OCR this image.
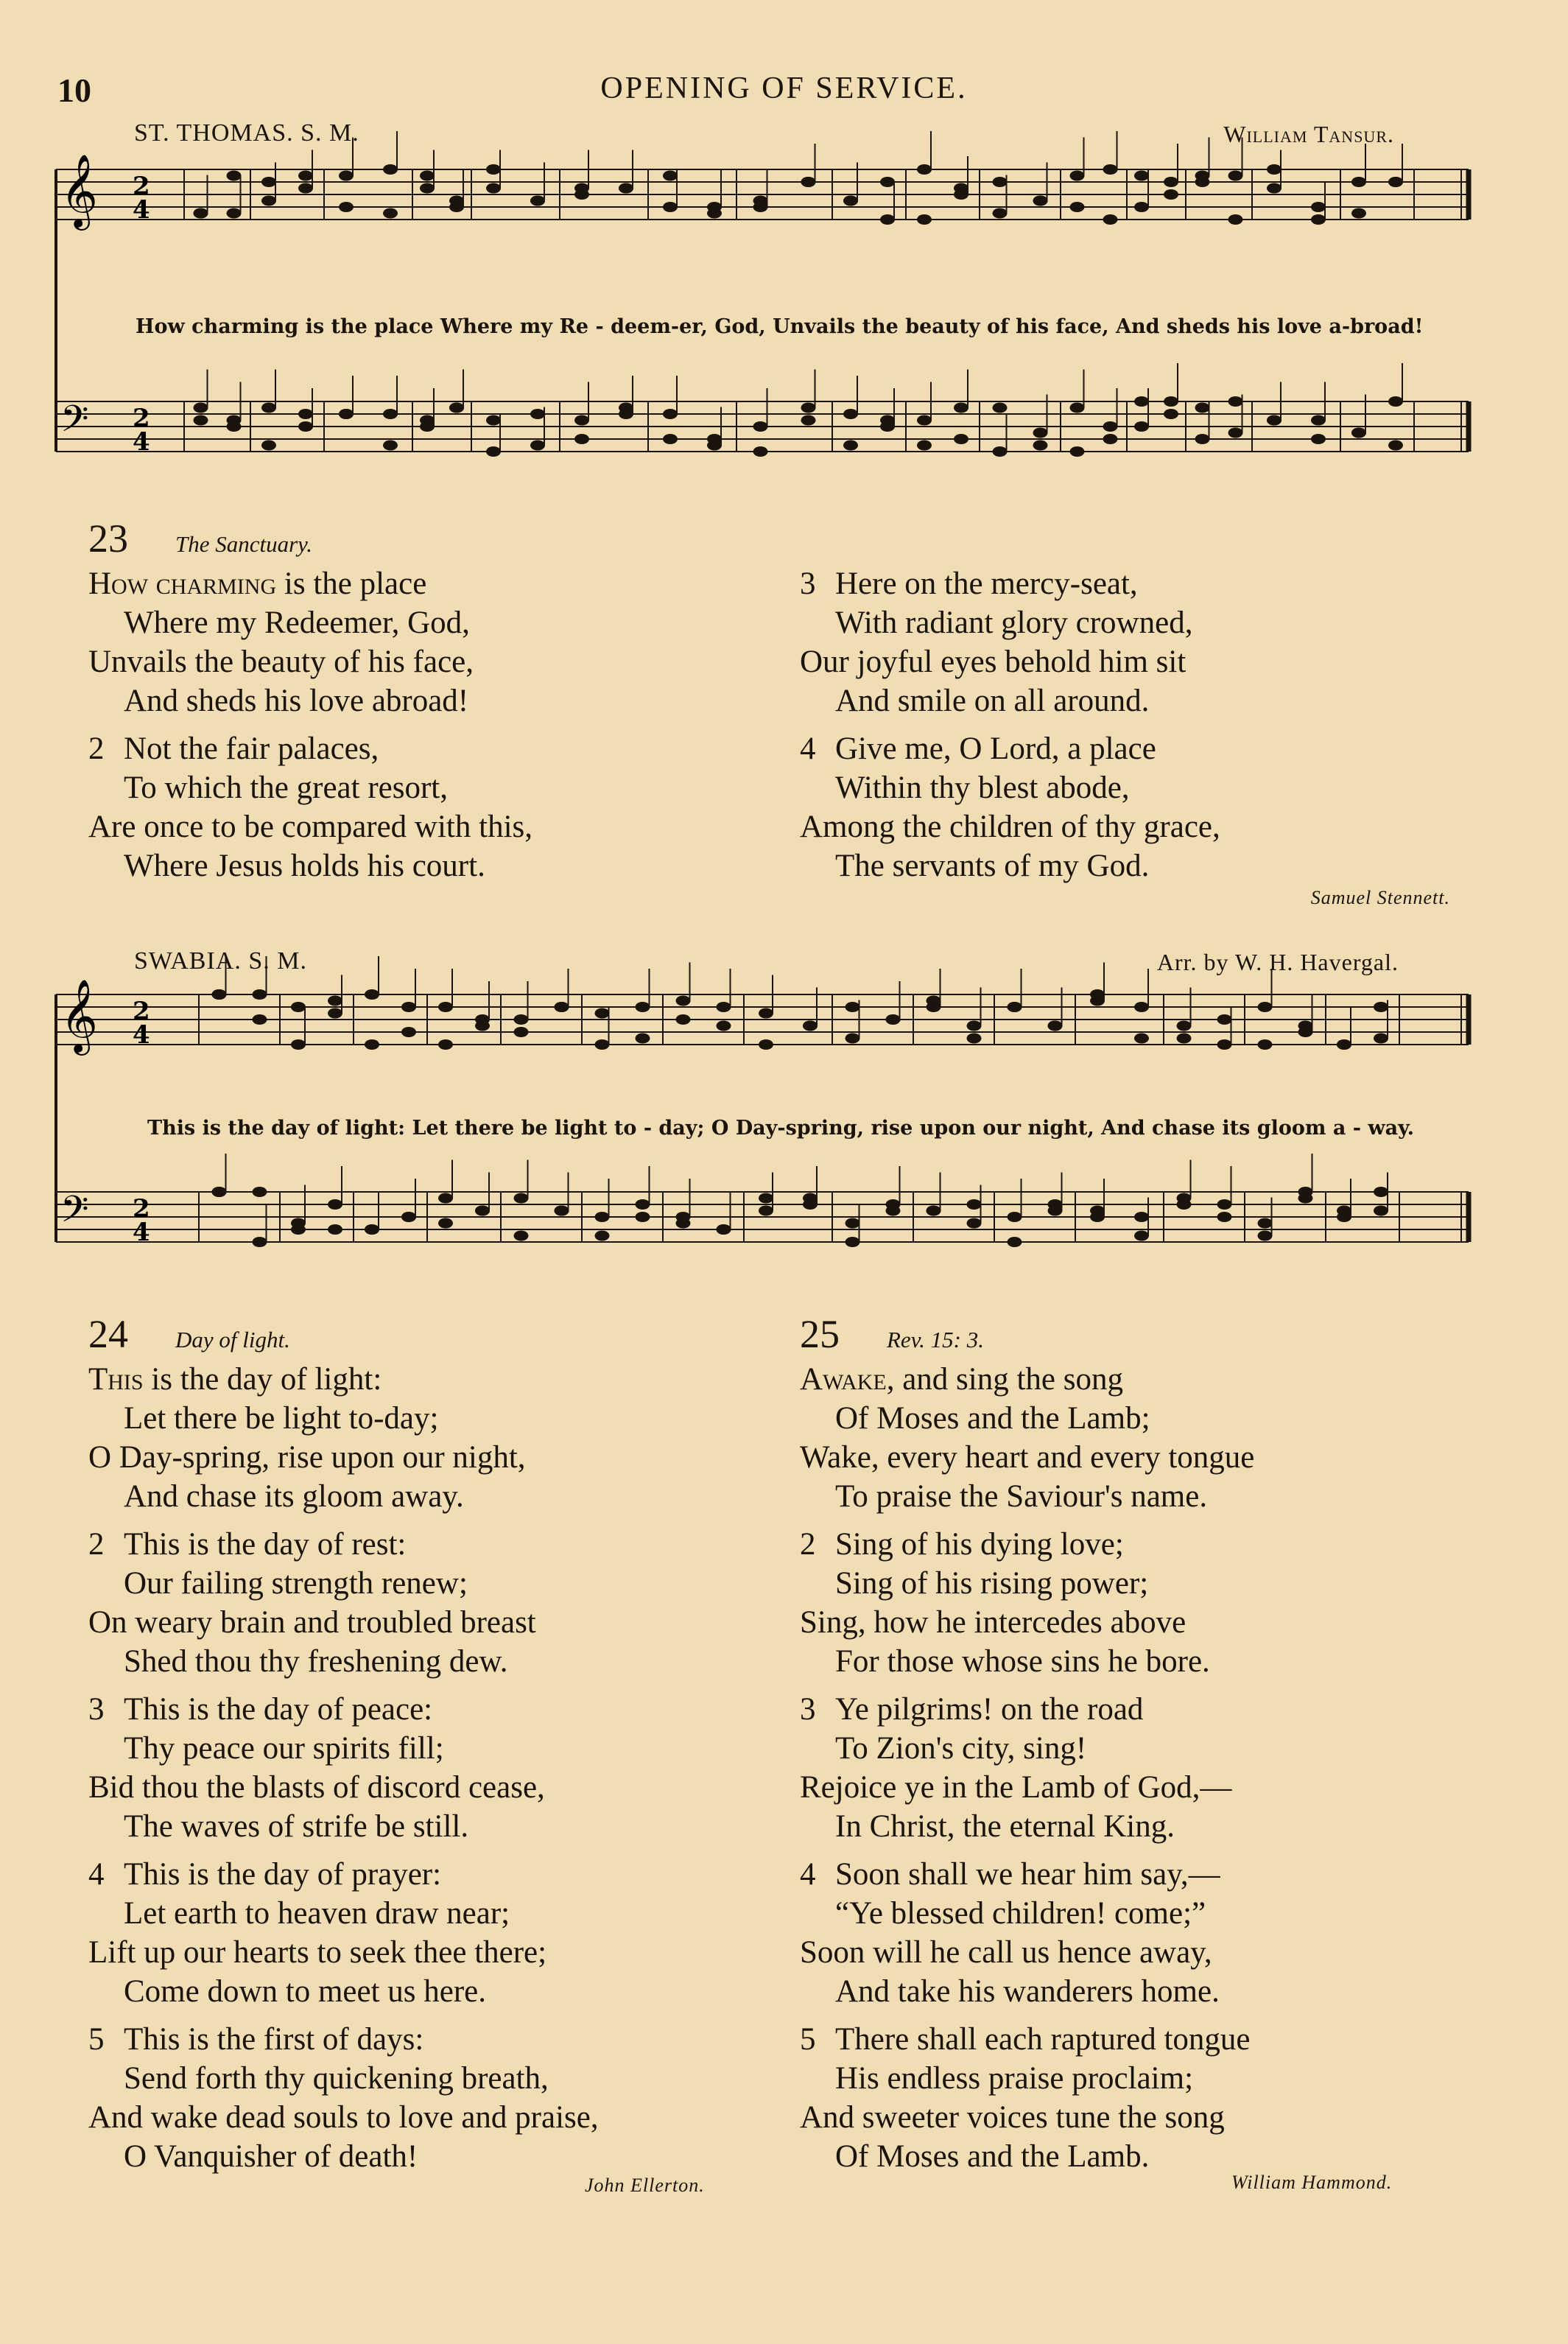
10	OPENING OF SERVICE.
ST. THOMAS. S. M.	William Tansur.
𝄞
𝄢
2
4
2
4
How charming is the place Where my Re - deem-er, God, Unvails the beauty of his face, And sheds his love a-broad!
23 The Sanctuary.
How charming is the place
Where my Redeemer, God,
Unvails the beauty of his face,
And sheds his love abroad!
2 Not the fair palaces,
To which the great resort,
Are once to be compared with this,
Where Jesus holds his court.
3 Here on the mercy-seat,
With radiant glory crowned,
Our joyful eyes behold him sit
And smile on all around.
4 Give me, O Lord, a place
Within thy blest abode,
Among the children of thy grace,
The servants of my God.
Samuel Stennett.
SWABIA. S. M.	Arr. by W. H. Havergal.
𝄞
𝄢
2
4
2
4
This is the day of light: Let there be light to - day; O Day-spring, rise upon our night, And chase its gloom a - way.
24 Day of light.
This is the day of light:
Let there be light to-day;
O Day-spring, rise upon our night,
And chase its gloom away.
2 This is the day of rest:
Our failing strength renew;
On weary brain and troubled breast
Shed thou thy freshening dew.
3 This is the day of peace:
Thy peace our spirits fill;
Bid thou the blasts of discord cease,
The waves of strife be still.
4 This is the day of prayer:
Let earth to heaven draw near;
Lift up our hearts to seek thee there;
Come down to meet us here.
5 This is the first of days:
Send forth thy quickening breath,
And wake dead souls to love and praise,
O Vanquisher of death!
John Ellerton.
25 Rev. 15: 3.
Awake, and sing the song
Of Moses and the Lamb;
Wake, every heart and every tongue
To praise the Saviour's name.
2 Sing of his dying love;
Sing of his rising power;
Sing, how he intercedes above
For those whose sins he bore.
3 Ye pilgrims! on the road
To Zion's city, sing!
Rejoice ye in the Lamb of God,—
In Christ, the eternal King.
4 Soon shall we hear him say,—
“Ye blessed children! come;”
Soon will he call us hence away,
And take his wanderers home.
5 There shall each raptured tongue
His endless praise proclaim;
And sweeter voices tune the song
Of Moses and the Lamb.
William Hammond.
